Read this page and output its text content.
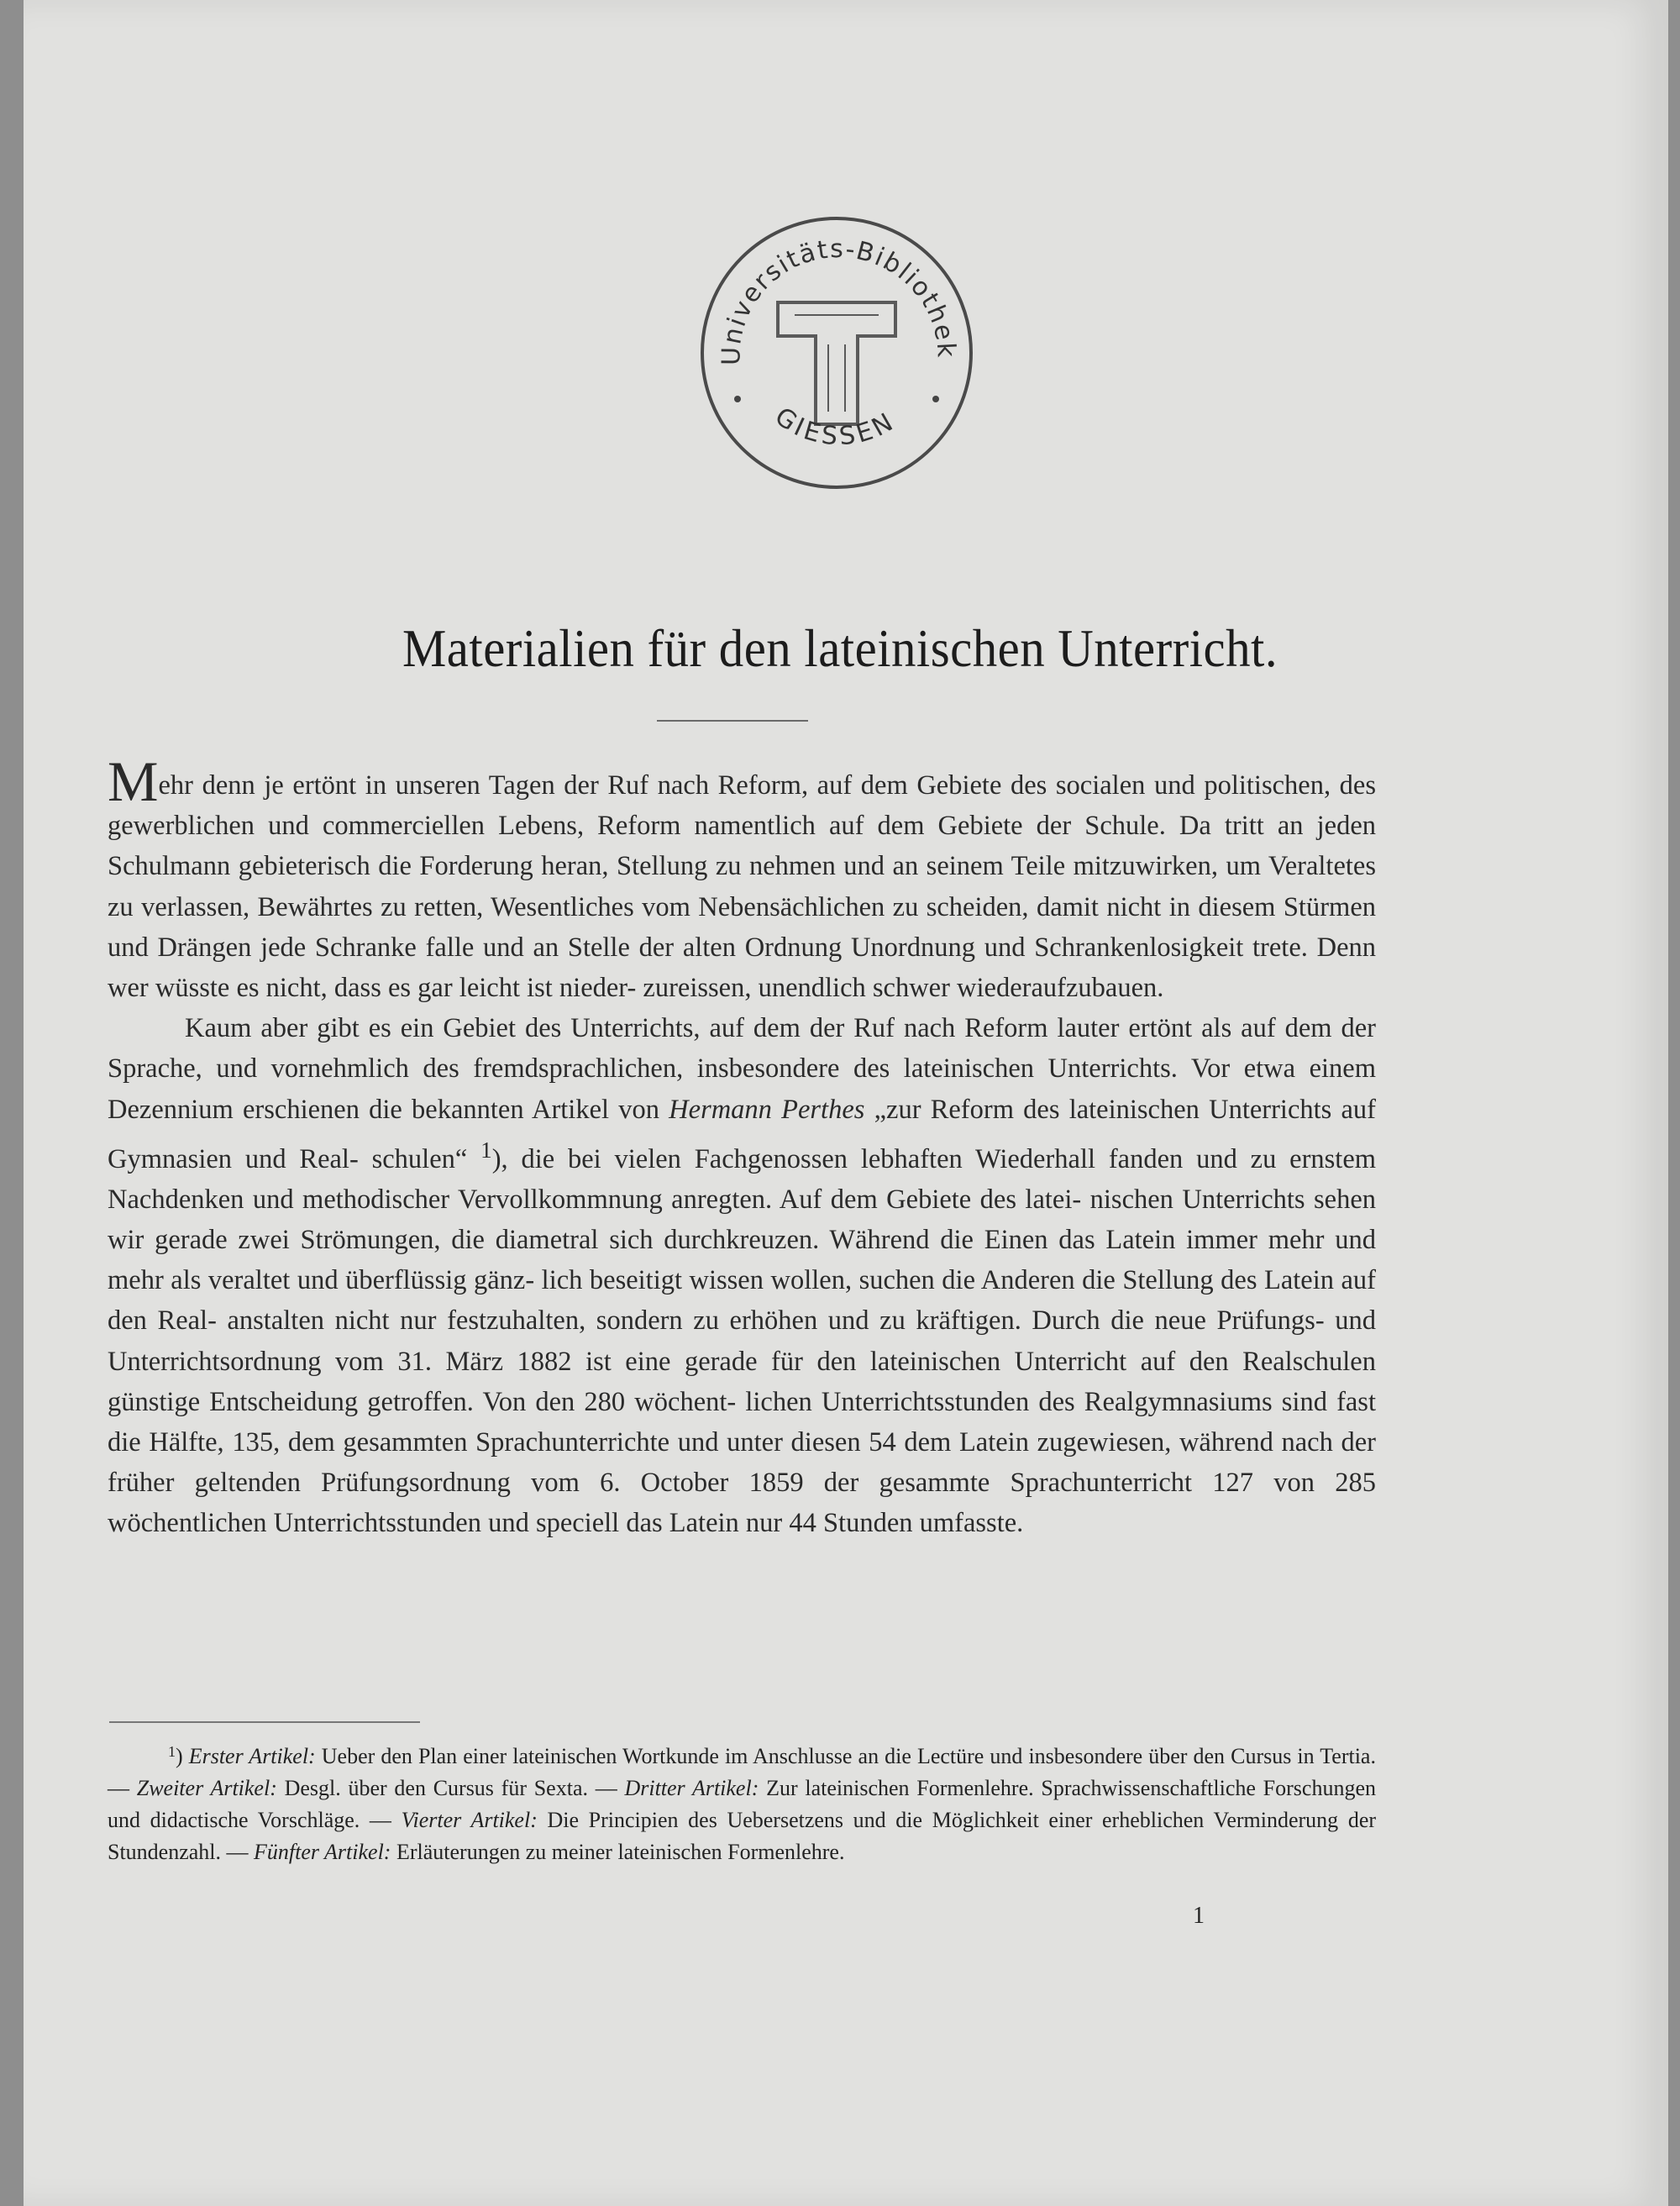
Universitäts-Bibliothek
GIESSEN
Materialien für den lateinischen Unterricht.

Mehr denn je ertönt in unseren Tagen der Ruf nach Reform, auf dem Gebiete des socialen und politischen, des gewerblichen und commerciellen Lebens, Reform namentlich auf dem Gebiete der Schule. Da tritt an jeden Schulmann gebieterisch die Forderung heran, Stellung zu nehmen und an seinem Teile mitzuwirken, um Veraltetes zu verlassen, Bewährtes zu retten, Wesentliches vom Nebensächlichen zu scheiden, damit nicht in diesem Stürmen und Drängen jede Schranke falle und an Stelle der alten Ordnung Unordnung und Schrankenlosigkeit trete. Denn wer wüsste es nicht, dass es gar leicht ist nieder- zureissen, unendlich schwer wiederaufzubauen.

Kaum aber gibt es ein Gebiet des Unterrichts, auf dem der Ruf nach Reform lauter ertönt als auf dem der Sprache, und vornehmlich des fremdsprachlichen, insbesondere des lateinischen Unterrichts. Vor etwa einem Dezennium erschienen die bekannten Artikel von Hermann Perthes „zur Reform des lateinischen Unterrichts auf Gymnasien und Real- schulen“ $^1$), die bei vielen Fachgenossen lebhaften Wiederhall fanden und zu ernstem Nachdenken und methodischer Vervollkommnung anregten. Auf dem Gebiete des latei- nischen Unterrichts sehen wir gerade zwei Strömungen, die diametral sich durchkreuzen. Während die Einen das Latein immer mehr und mehr als veraltet und überflüssig gänz- lich beseitigt wissen wollen, suchen die Anderen die Stellung des Latein auf den Real- anstalten nicht nur festzuhalten, sondern zu erhöhen und zu kräftigen. Durch die neue Prüfungs- und Unterrichtsordnung vom 31. März 1882 ist eine gerade für den lateinischen Unterricht auf den Realschulen günstige Entscheidung getroffen. Von den 280 wöchent- lichen Unterrichtsstunden des Realgymnasiums sind fast die Hälfte, 135, dem gesammten Sprachunterrichte und unter diesen 54 dem Latein zugewiesen, während nach der früher geltenden Prüfungsordnung vom 6. October 1859 der gesammte Sprachunterricht 127 von 285 wöchentlichen Unterrichtsstunden und speciell das Latein nur 44 Stunden umfasste.

$^1$) Erster Artikel: Ueber den Plan einer lateinischen Wortkunde im Anschlusse an die Lectüre und insbesondere über den Cursus in Tertia. — Zweiter Artikel: Desgl. über den Cursus für Sexta. — Dritter Artikel: Zur lateinischen Formenlehre. Sprachwissenschaftliche Forschungen und didactische Vorschläge. — Vierter Artikel: Die Principien des Uebersetzens und die Möglichkeit einer erheblichen Verminderung der Stundenzahl. — Fünfter Artikel: Erläuterungen zu meiner lateinischen Formenlehre.
1
